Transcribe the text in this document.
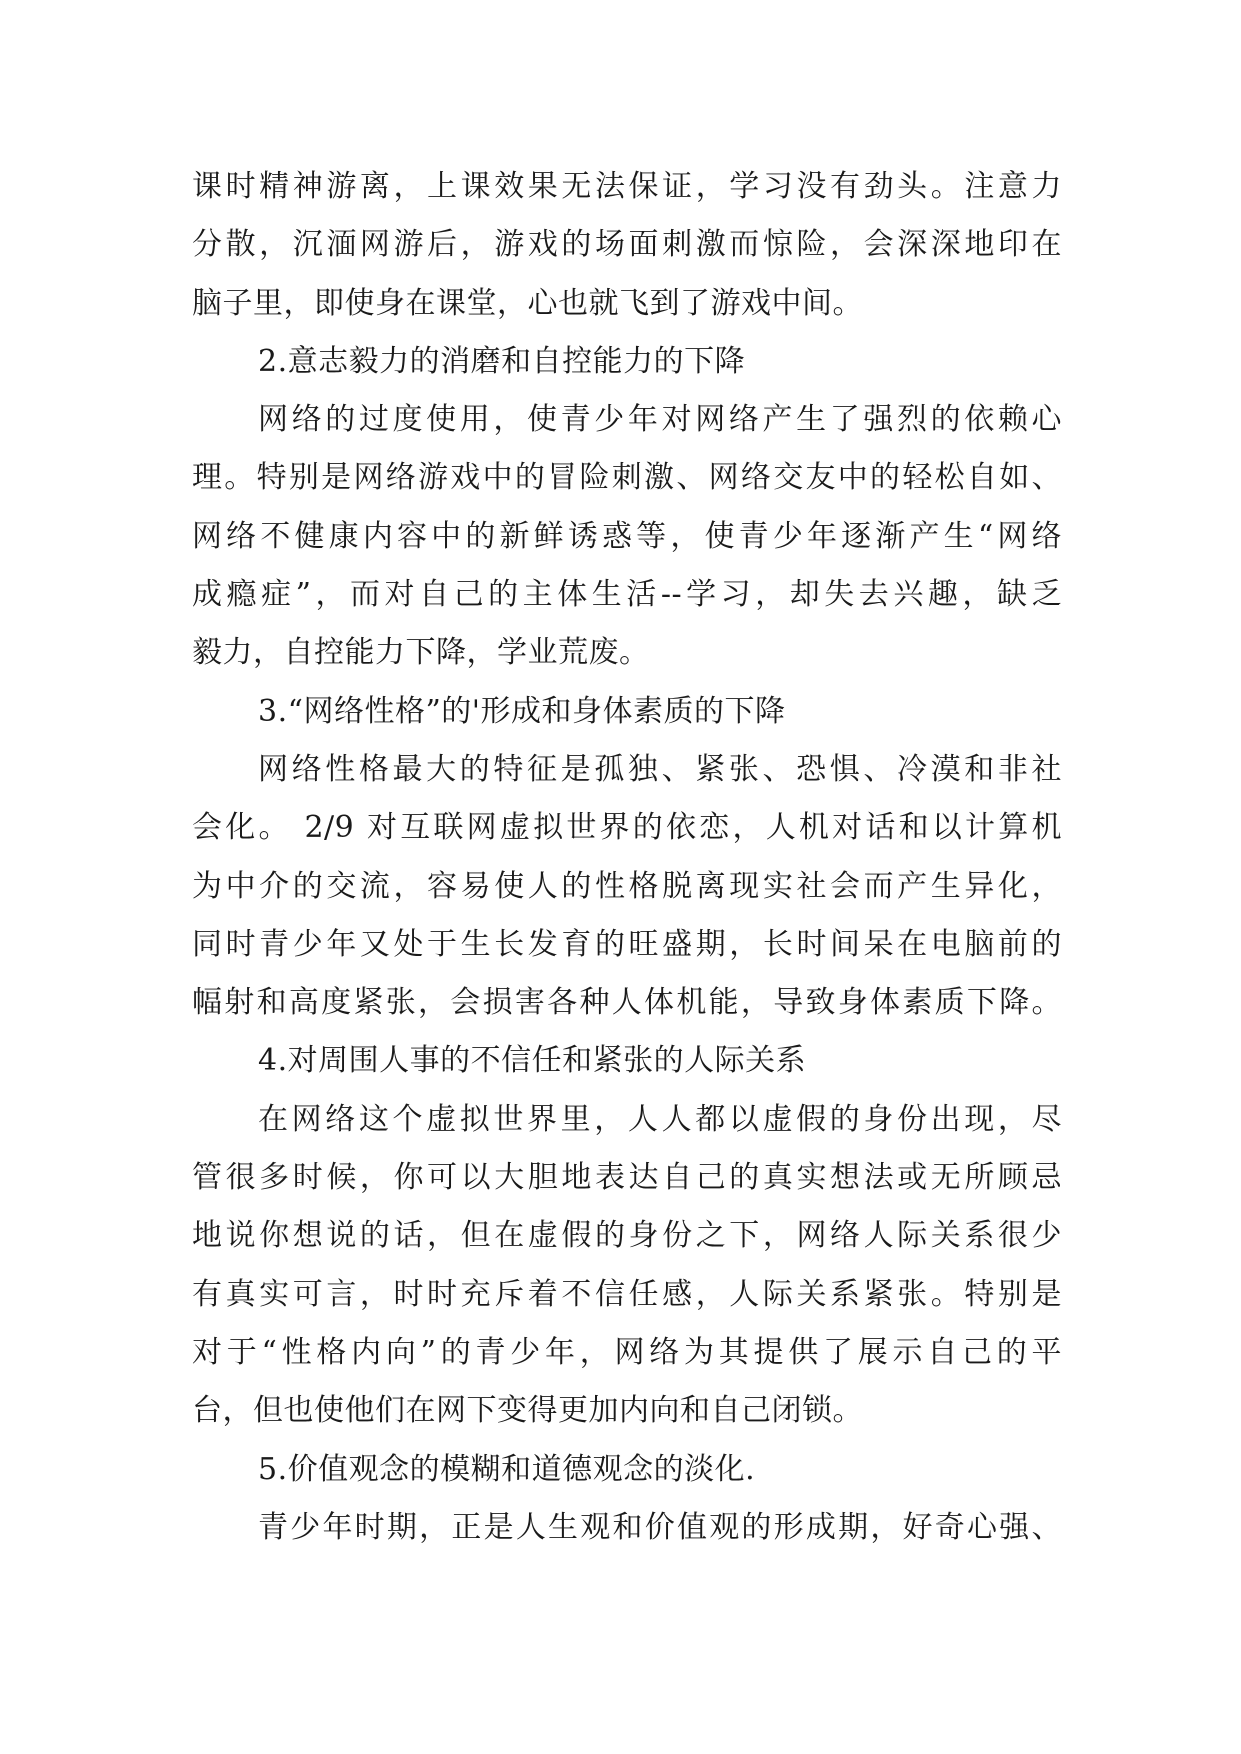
课时精神游离，上课效果无法保证，学习没有劲头。注意力
分散，沉湎网游后，游戏的场面刺激而惊险，会深深地印在
脑子里，即使身在课堂，心也就飞到了游戏中间。
2.意志毅力的消磨和自控能力的下降
网络的过度使用，使青少年对网络产生了强烈的依赖心
理。特别是网络游戏中的冒险刺激、网络交友中的轻松自如、
网络不健康内容中的新鲜诱惑等，使青少年逐渐产生“网络
成瘾症”，而对自己的主体生活--学习，却失去兴趣，缺乏
毅力，自控能力下降，学业荒废。
3.“网络性格”的'形成和身体素质的下降
网络性格最大的特征是孤独、紧张、恐惧、冷漠和非社
会化。 2/9 对互联网虚拟世界的依恋，人机对话和以计算机
为中介的交流，容易使人的性格脱离现实社会而产生异化，
同时青少年又处于生长发育的旺盛期，长时间呆在电脑前的
幅射和高度紧张，会损害各种人体机能，导致身体素质下降。
4.对周围人事的不信任和紧张的人际关系
在网络这个虚拟世界里，人人都以虚假的身份出现，尽
管很多时候，你可以大胆地表达自己的真实想法或无所顾忌
地说你想说的话，但在虚假的身份之下，网络人际关系很少
有真实可言，时时充斥着不信任感，人际关系紧张。特别是
对于“性格内向”的青少年，网络为其提供了展示自己的平
台，但也使他们在网下变得更加内向和自己闭锁。
5.价值观念的模糊和道德观念的淡化.
青少年时期，正是人生观和价值观的形成期，好奇心强、
